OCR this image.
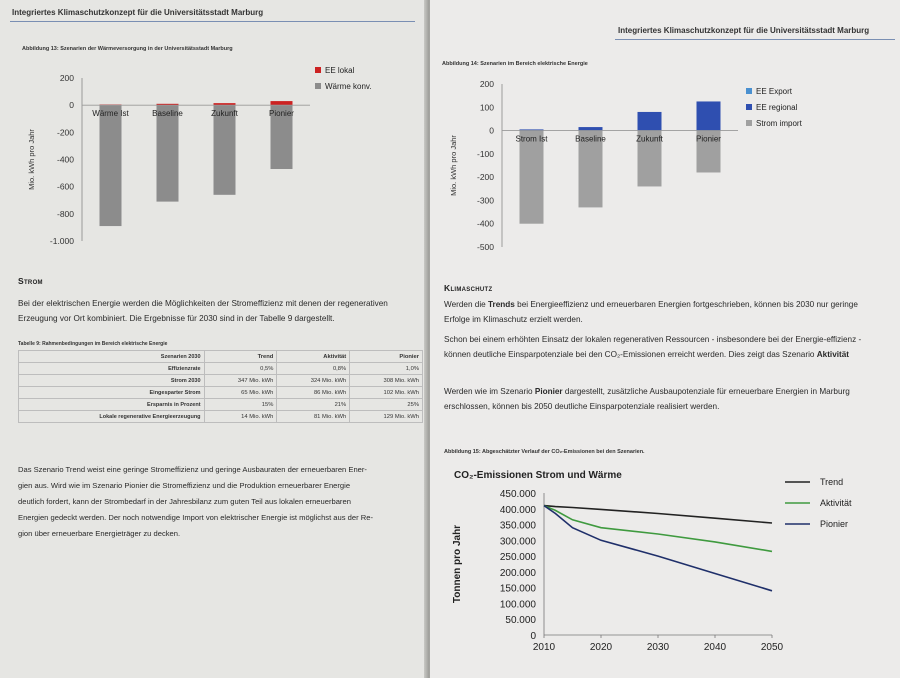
Integriertes Klimaschutzkonzept für die Universitätsstadt Marburg
Abbildung 13: Szenarien der Wärmeversorgung in der Universitätsstadt Marburg
200
0
-200
-400
-600
-800
-1.000
Wärme Ist	Baseline	Zukunft	Pionier
EE lokal
Wärme konv.
Mio. kWh pro Jahr
Strom
Bei der elektrischen Energie werden die Möglichkeiten der Stromeffizienz mit denen der regenerativen Erzeugung vor Ort kombiniert. Die Ergebnisse für 2030 sind in der Tabelle 9 dargestellt.
Tabelle 9: Rahmenbedingungen im Bereich elektrische Energie
Szenarien 2030	Trend	Aktivität	Pionier
Effizienzrate	0,5%	0,8%	1,0%
Strom 2030	347 Mio. kWh	324 Mio. kWh	308 Mio. kWh
Eingesparter Strom	65 Mio. kWh	86 Mio. kWh	102 Mio. kWh
Ersparnis in Prozent	15%	21%	25%
Lokale regenerative Energieerzeugung	14 Mio. kWh	81 Mio. kWh	129 Mio. kWh
Das Szenario Trend weist eine geringe Stromeffizienz und geringe Ausbauraten der erneuerbaren Ener-
gien aus. Wird wie im Szenario Pionier die Stromeffizienz und die Produktion erneuerbarer Energie
deutlich fordert, kann der Strombedarf in der Jahresbilanz zum guten Teil aus lokalen erneuerbaren
Energien gedeckt werden. Der noch notwendige Import von elektrischer Energie ist möglichst aus der Re-
gion über erneuerbare Energieträger zu decken.
Integriertes Klimaschutzkonzept für die Universitätsstadt Marburg
Abbildung 14: Szenarien im Bereich elektrische Energie
200
100
0
-100
-200
-300
-400
-500
Strom Ist	Baseline	Zukunft	Pionier
EE Export
EE regional
Strom import
Mio. kWh pro Jahr
Klimaschutz
Werden die Trends bei Energieeffizienz und erneuerbaren Energien fortgeschrieben, können bis 2030 nur geringe Erfolge im Klimaschutz erzielt werden.
Schon bei einem erhöhten Einsatz der lokalen regenerativen Ressourcen - insbesondere bei der Energie-effizienz - können deutliche Einsparpotenziale bei den CO₂-Emissionen erreicht werden. Dies zeigt das Szenario Aktivität
Werden wie im Szenario Pionier dargestellt, zusätzliche Ausbaupotenziale für erneuerbare Energien in Marburg erschlossen, können bis 2050 deutliche Einsparpotenziale realisiert werden.
Abbildung 15: Abgeschätzter Verlauf der CO₂-Emissionen bei den Szenarien.
CO₂-Emissionen Strom und Wärme
450.000
400.000
350.000
300.000
250.000
200.000
150.000
100.000
50.000
0
2010	2020	2030	2040	2050
Trend
Aktivität
Pionier
Tonnen pro Jahr
